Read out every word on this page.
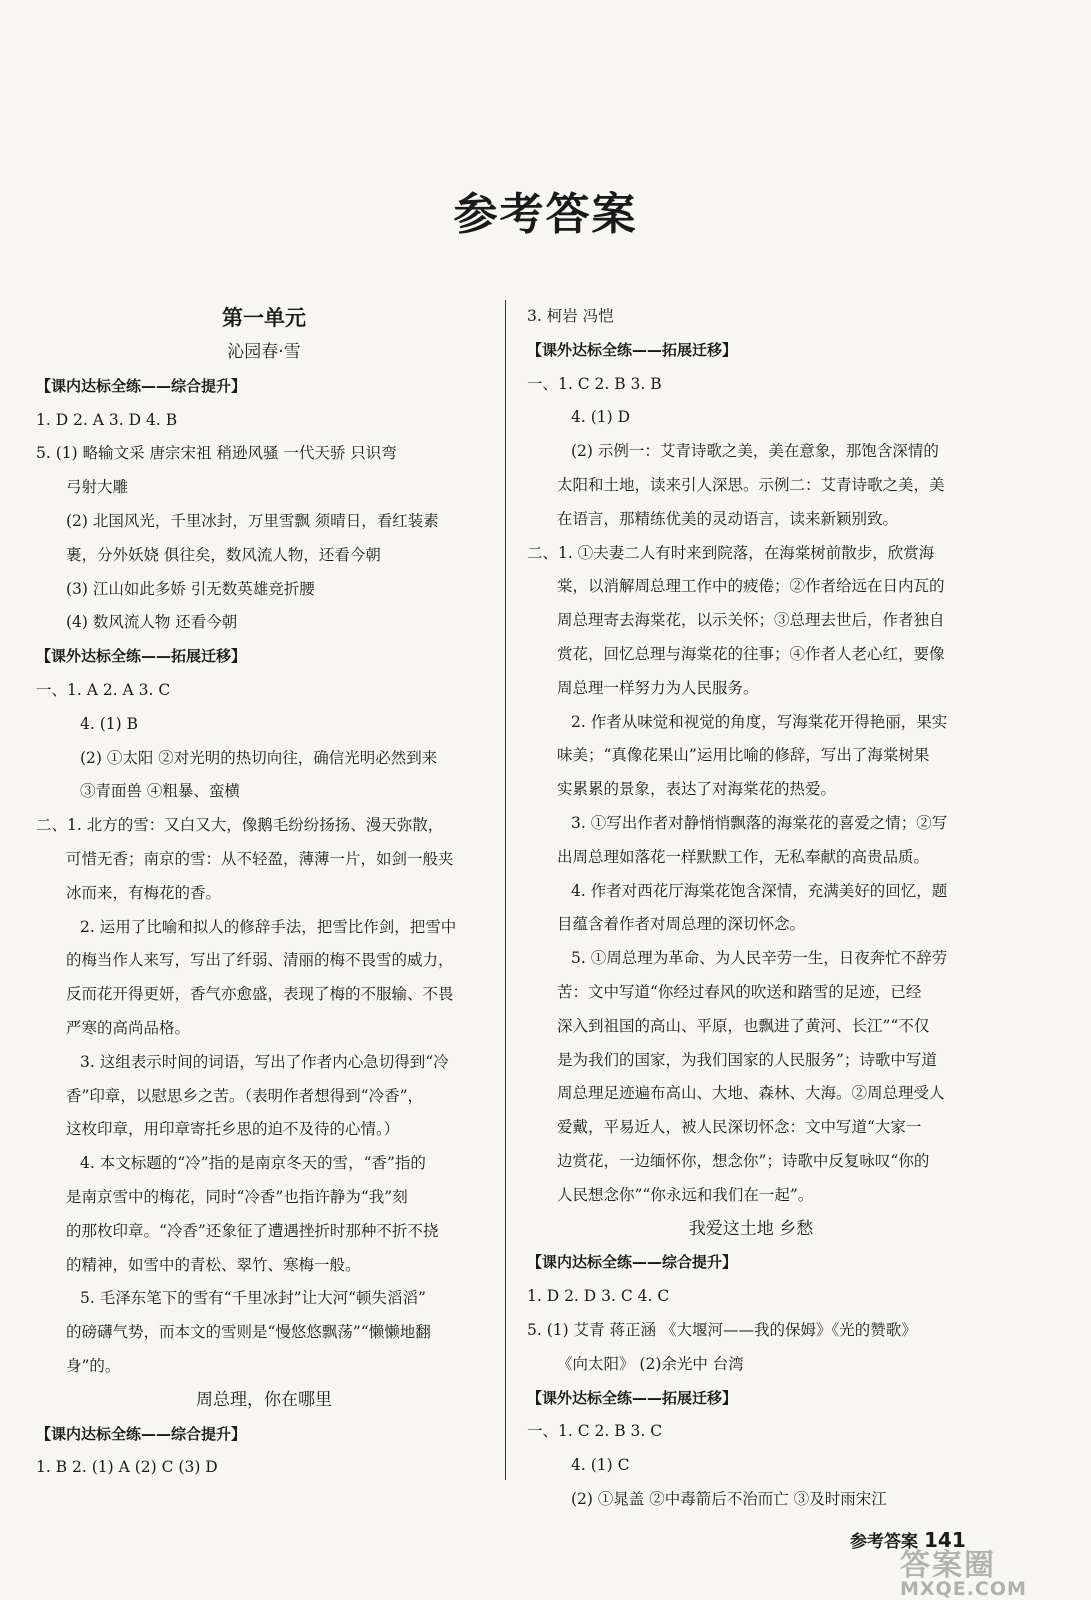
参考答案
第一单元
沁园春·雪
【课内达标全练——综合提升】
1. D 2. A 3. D 4. B
5. (1) 略输文采 唐宗宋祖 稍逊风骚 一代天骄 只识弯
弓射大雕
(2) 北国风光，千里冰封，万里雪飘 须晴日，看红装素
裹，分外妖娆 俱往矣，数风流人物，还看今朝
(3) 江山如此多娇 引无数英雄竞折腰
(4) 数风流人物 还看今朝
【课外达标全练——拓展迁移】
一、1. A 2. A 3. C
4. (1) B
(2) ①太阳 ②对光明的热切向往，确信光明必然到来
③青面兽 ④粗暴、蛮横
二、1. 北方的雪：又白又大，像鹅毛纷纷扬扬、漫天弥散，
可惜无香；南京的雪：从不轻盈，薄薄一片，如剑一般夹
冰而来，有梅花的香。
2. 运用了比喻和拟人的修辞手法，把雪比作剑，把雪中
的梅当作人来写，写出了纤弱、清丽的梅不畏雪的威力，
反而花开得更妍，香气亦愈盛，表现了梅的不服输、不畏
严寒的高尚品格。
3. 这组表示时间的词语，写出了作者内心急切得到“冷
香”印章，以慰思乡之苦。（表明作者想得到“冷香”，
这枚印章，用印章寄托乡思的迫不及待的心情。）
4. 本文标题的“冷”指的是南京冬天的雪，“香”指的
是南京雪中的梅花，同时“冷香”也指许静为“我”刻
的那枚印章。“冷香”还象征了遭遇挫折时那种不折不挠
的精神，如雪中的青松、翠竹、寒梅一般。
5. 毛泽东笔下的雪有“千里冰封”让大河“顿失滔滔”
的磅礴气势，而本文的雪则是“慢悠悠飘荡”“懒懒地翻
身”的。
周总理，你在哪里
【课内达标全练——综合提升】
1. B 2. (1) A (2) C (3) D
3. 柯岩 冯恺
【课外达标全练——拓展迁移】
一、1. C 2. B 3. B
4. (1) D
(2) 示例一：艾青诗歌之美，美在意象，那饱含深情的
太阳和土地，读来引人深思。示例二：艾青诗歌之美，美
在语言，那精练优美的灵动语言，读来新颖别致。
二、1. ①夫妻二人有时来到院落，在海棠树前散步，欣赏海
棠，以消解周总理工作中的疲倦；②作者给远在日内瓦的
周总理寄去海棠花，以示关怀；③总理去世后，作者独自
赏花，回忆总理与海棠花的往事；④作者人老心红，要像
周总理一样努力为人民服务。
2. 作者从味觉和视觉的角度，写海棠花开得艳丽，果实
味美；“真像花果山”运用比喻的修辞，写出了海棠树果
实累累的景象，表达了对海棠花的热爱。
3. ①写出作者对静悄悄飘落的海棠花的喜爱之情；②写
出周总理如落花一样默默工作，无私奉献的高贵品质。
4. 作者对西花厅海棠花饱含深情，充满美好的回忆，题
目蕴含着作者对周总理的深切怀念。
5. ①周总理为革命、为人民辛劳一生，日夜奔忙不辞劳
苦：文中写道“你经过春风的吹送和踏雪的足迹，已经
深入到祖国的高山、平原，也飘进了黄河、长江”“不仅
是为我们的国家，为我们国家的人民服务”；诗歌中写道
周总理足迹遍布高山、大地、森林、大海。②周总理受人
爱戴，平易近人，被人民深切怀念：文中写道“大家一
边赏花，一边缅怀你，想念你”；诗歌中反复咏叹“你的
人民想念你”“你永远和我们在一起”。
我爱这土地 乡愁
【课内达标全练——综合提升】
1. D 2. D 3. C 4. C
5. (1) 艾青 蒋正涵 《大堰河——我的保姆》《光的赞歌》
《向太阳》 (2)余光中 台湾
【课外达标全练——拓展迁移】
一、1. C 2. B 3. C
4. (1) C
(2) ①晁盖 ②中毒箭后不治而亡 ③及时雨宋江
参考答案 141
答案圈
MXQE.COM
